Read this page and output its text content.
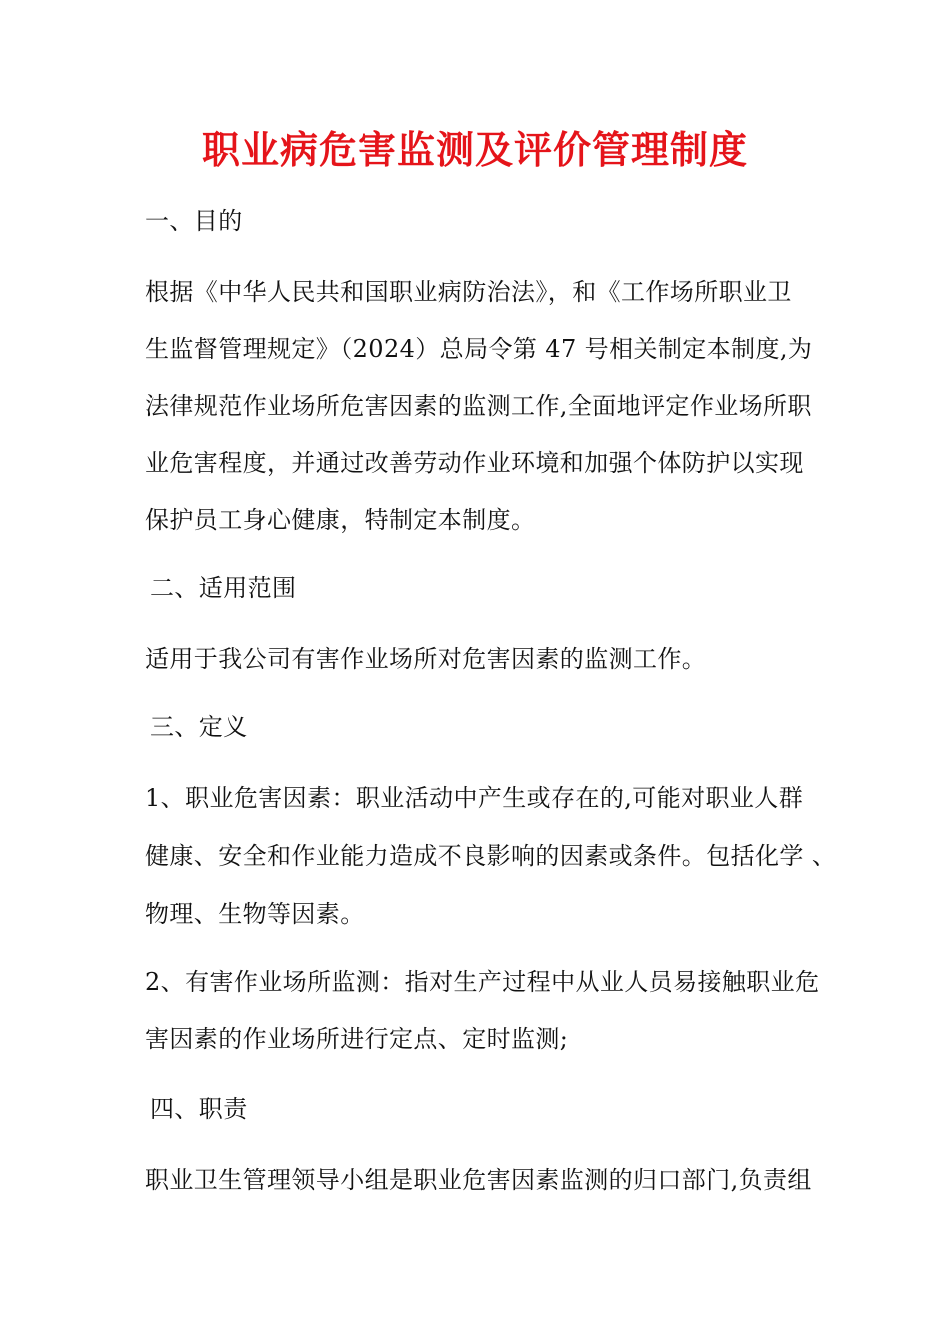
职业病危害监测及评价管理制度
一、目的
根据《中华人民共和国职业病防治法》，和《工作场所职业卫
生监督管理规定》（2024）总局令第 47 号相关制定本制度,为
法律规范作业场所危害因素的监测工作,全面地评定作业场所职
业危害程度，并通过改善劳动作业环境和加强个体防护以实现
保护员工身心健康，特制定本制度。
二、适用范围
适用于我公司有害作业场所对危害因素的监测工作。
三、定义
1、职业危害因素：职业活动中产生或存在的,可能对职业人群
健康、安全和作业能力造成不良影响的因素或条件。包括化学 、
物理、生物等因素。
2、有害作业场所监测：指对生产过程中从业人员易接触职业危
害因素的作业场所进行定点、定时监测;
四、职责
职业卫生管理领导小组是职业危害因素监测的归口部门,负责组
